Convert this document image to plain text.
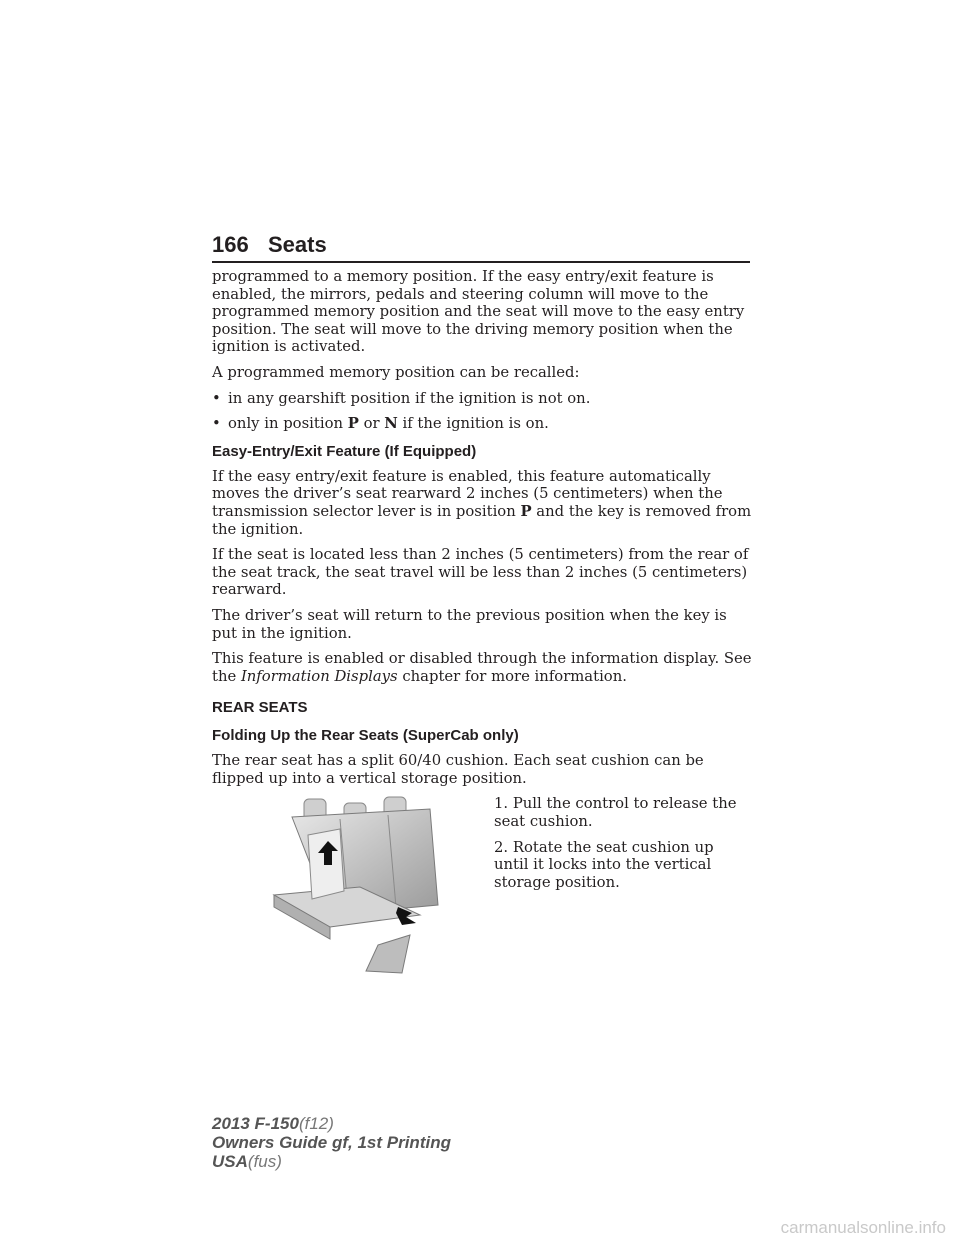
166 Seats

programmed to a memory position. If the easy entry/exit feature is enabled, the mirrors, pedals and steering column will move to the programmed memory position and the seat will move to the easy entry position. The seat will move to the driving memory position when the ignition is activated.

A programmed memory position can be recalled:

• in any gearshift position if the ignition is not on.
• only in position P or N if the ignition is on.
Easy-Entry/Exit Feature (If Equipped)

If the easy entry/exit feature is enabled, this feature automatically moves the driver’s seat rearward 2 inches (5 centimeters) when the transmission selector lever is in position P and the key is removed from the ignition.

If the seat is located less than 2 inches (5 centimeters) from the rear of the seat track, the seat travel will be less than 2 inches (5 centimeters) rearward.

The driver’s seat will return to the previous position when the key is put in the ignition.

This feature is enabled or disabled through the information display. See the Information Displays chapter for more information.

REAR SEATS
Folding Up the Rear Seats (SuperCab only)

The rear seat has a split 60/40 cushion. Each seat cushion can be flipped up into a vertical storage position.

1. Pull the control to release the seat cushion.

2. Rotate the seat cushion up until it locks into the vertical storage position.

2013 F-150(f12)
Owners Guide gf, 1st Printing
USA(fus)
carmanualsonline.info
